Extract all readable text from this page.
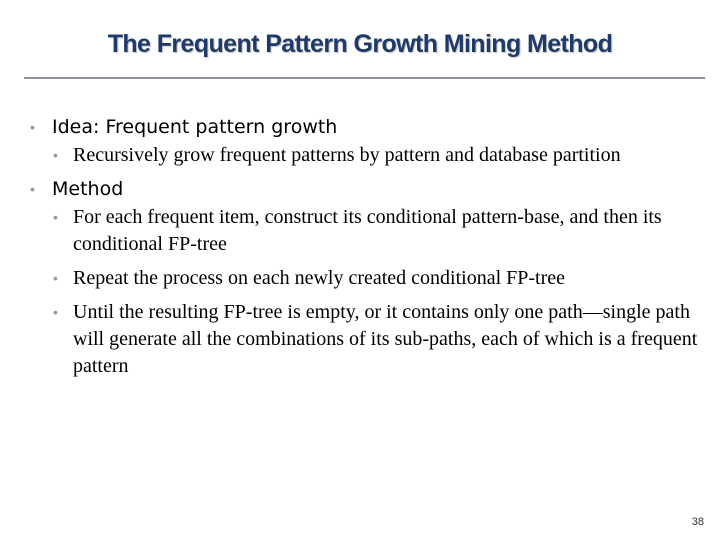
The Frequent Pattern Growth Mining Method
• Idea: Frequent pattern growth
• Recursively grow frequent patterns by pattern and database partition
• Method
• For each frequent item, construct its conditional pattern-base, and then its conditional FP-tree
• Repeat the process on each newly created conditional FP-tree
• Until the resulting FP-tree is empty, or it contains only one path—single path will generate all the combinations of its sub-paths, each of which is a frequent pattern
38
